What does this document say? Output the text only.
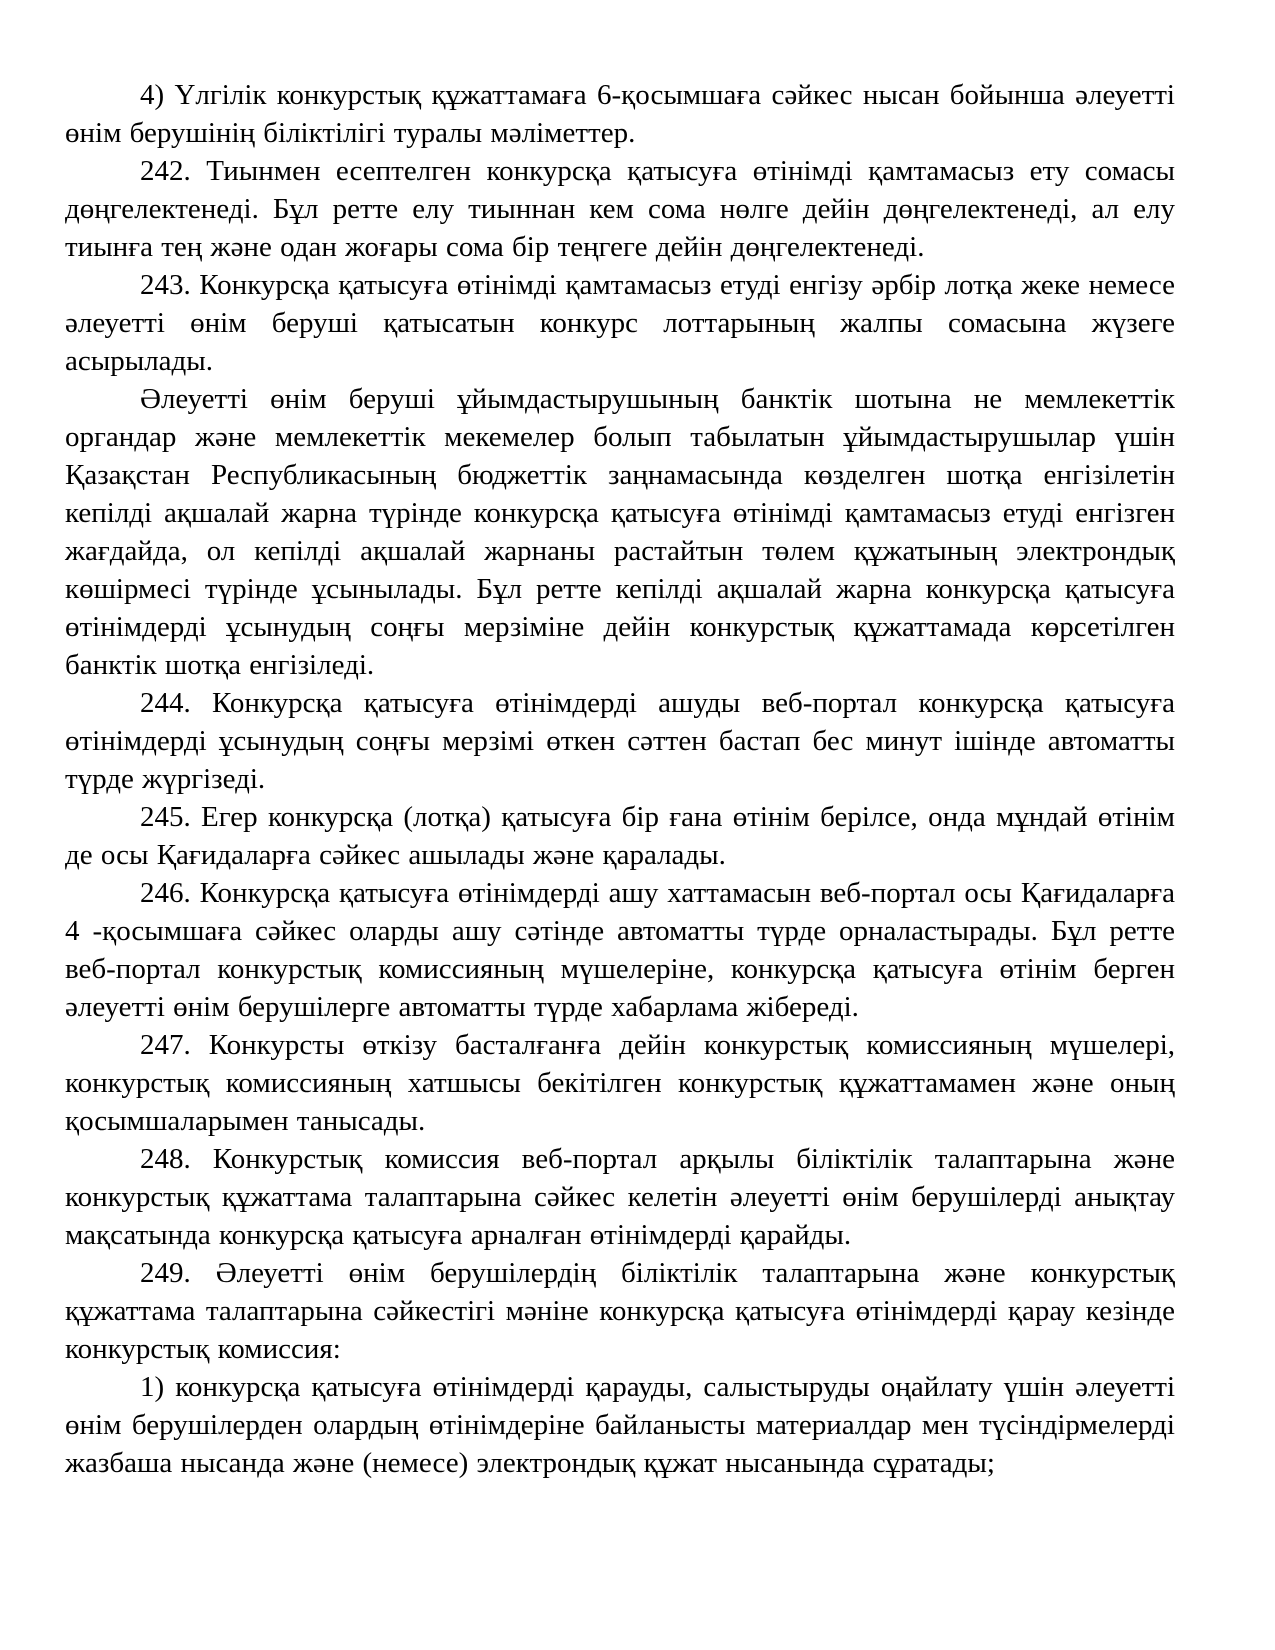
4) Үлгілік конкурстық құжаттамаға 6-қосымшаға сәйкес нысан бойынша әлеуетті өнім берушінің біліктілігі туралы мәліметтер.

242. Тиынмен есептелген конкурсқа қатысуға өтінімді қамтамасыз ету сомасы дөңгелектенеді. Бұл ретте елу тиыннан кем сома нөлге дейін дөңгелектенеді, ал елу тиынға тең және одан жоғары сома бір теңгеге дейін дөңгелектенеді.

243. Конкурсқа қатысуға өтінімді қамтамасыз етуді енгізу әрбір лотқа жеке немесе әлеуетті өнім беруші қатысатын конкурс лоттарының жалпы сомасына жүзеге асырылады.

Әлеуетті өнім беруші ұйымдастырушының банктік шотына не мемлекеттік органдар және мемлекеттік мекемелер болып табылатын ұйымдастырушылар үшін Қазақстан Республикасының бюджеттік заңнамасында көзделген шотқа енгізілетін кепілді ақшалай жарна түрінде конкурсқа қатысуға өтінімді қамтамасыз етуді енгізген жағдайда, ол кепілді ақшалай жарнаны растайтын төлем құжатының электрондық көшірмесі түрінде ұсынылады. Бұл ретте кепілді ақшалай жарна конкурсқа қатысуға өтінімдерді ұсынудың соңғы мерзіміне дейін конкурстық құжаттамада көрсетілген банктік шотқа енгізіледі.

244. Конкурсқа қатысуға өтінімдерді ашуды веб-портал конкурсқа қатысуға өтінімдерді ұсынудың соңғы мерзімі өткен сәттен бастап бес минут ішінде автоматты түрде жүргізеді.

245. Егер конкурсқа (лотқа) қатысуға бір ғана өтінім берілсе, онда мұндай өтінім де осы Қағидаларға сәйкес ашылады және қаралады.

246. Конкурсқа қатысуға өтінімдерді ашу хаттамасын веб-портал осы Қағидаларға 4 -қосымшаға сәйкес оларды ашу сәтінде автоматты түрде орналастырады. Бұл ретте веб-портал конкурстық комиссияның мүшелеріне, конкурсқа қатысуға өтінім берген әлеуетті өнім берушілерге автоматты түрде хабарлама жібереді.

247. Конкурсты өткізу басталғанға дейін конкурстық комиссияның мүшелері, конкурстық комиссияның хатшысы бекітілген конкурстық құжаттамамен және оның қосымшаларымен танысады.

248. Конкурстық комиссия веб-портал арқылы біліктілік талаптарына және конкурстық құжаттама талаптарына сәйкес келетін әлеуетті өнім берушілерді анықтау мақсатында конкурсқа қатысуға арналған өтінімдерді қарайды.

249. Әлеуетті өнім берушілердің біліктілік талаптарына және конкурстық құжаттама талаптарына сәйкестігі мәніне конкурсқа қатысуға өтінімдерді қарау кезінде конкурстық комиссия:

1) конкурсқа қатысуға өтінімдерді қарауды, салыстыруды оңайлату үшін әлеуетті өнім берушілерден олардың өтінімдеріне байланысты материалдар мен түсіндірмелерді жазбаша нысанда және (немесе) электрондық құжат нысанында сұратады;
